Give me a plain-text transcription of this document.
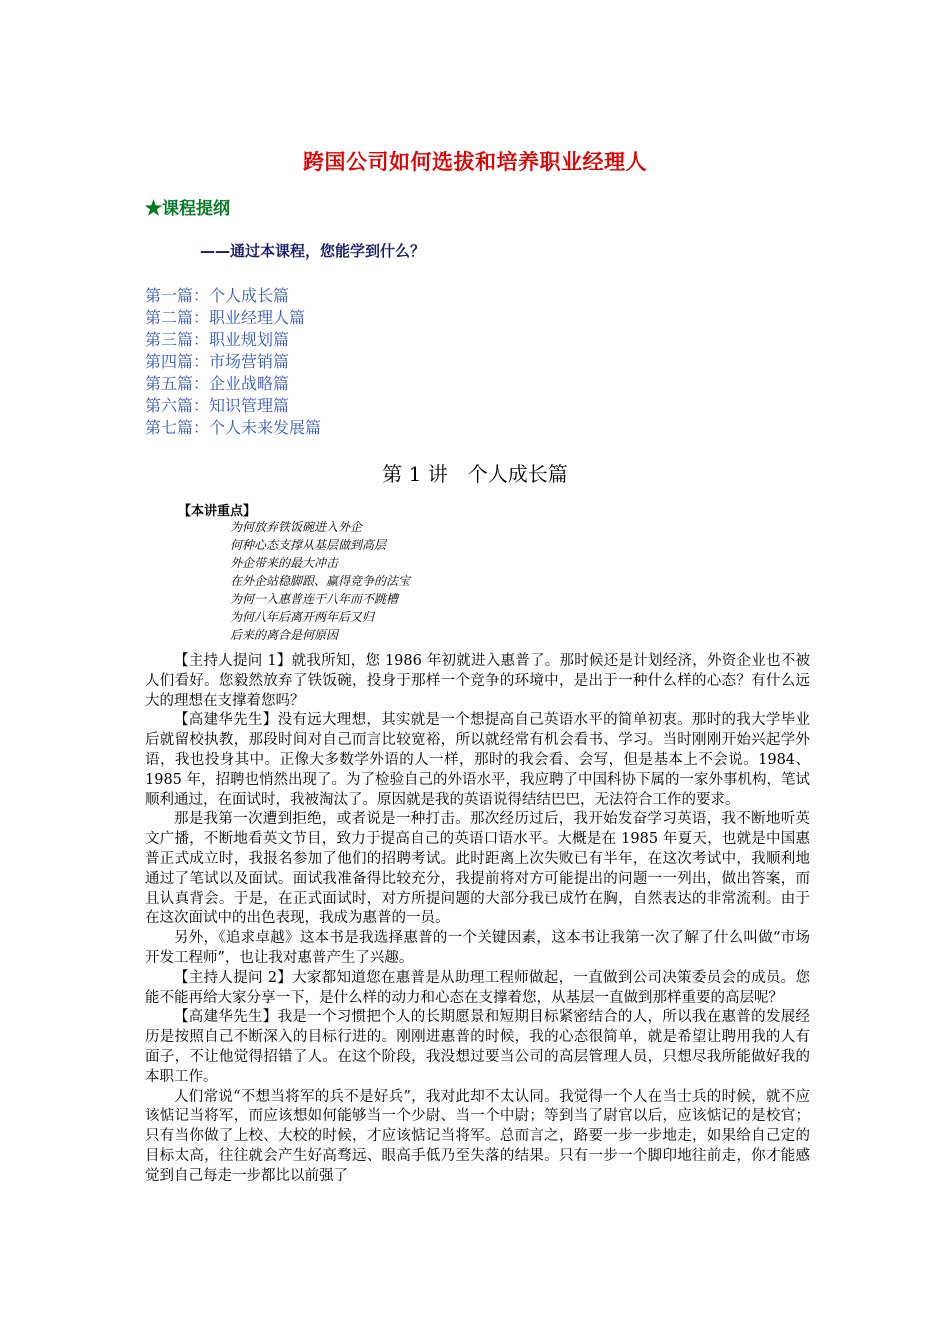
跨国公司如何选拔和培养职业经理人
★课程提纲
——通过本课程，您能学到什么？
第一篇：个人成长篇
第二篇：职业经理人篇
第三篇：职业规划篇
第四篇：市场营销篇
第五篇：企业战略篇
第六篇：知识管理篇
第七篇：个人未来发展篇
第 1 讲　个人成长篇
【本讲重点】
为何放弃铁饭碗进入外企
何种心态支撑从基层做到高层
外企带来的最大冲击
在外企站稳脚跟、赢得竞争的法宝
为何一入惠普连干八年而不跳槽
为何八年后离开两年后又归
后来的离合是何原因

【主持人提问 1】就我所知，您 1986 年初就进入惠普了。那时候还是计划经济，外资企业也不被人们看好。您毅然放弃了铁饭碗，投身于那样一个竞争的环境中，是出于一种什么样的心态？有什么远大的理想在支撑着您吗？

【高建华先生】没有远大理想，其实就是一个想提高自己英语水平的简单初衷。那时的我大学毕业后就留校执教，那段时间对自己而言比较宽裕，所以就经常有机会看书、学习。当时刚刚开始兴起学外语，我也投身其中。正像大多数学外语的人一样，那时的我会看、会写，但是基本上不会说。1984、1985 年，招聘也悄然出现了。为了检验自己的外语水平，我应聘了中国科协下属的一家外事机构，笔试顺利通过，在面试时，我被淘汰了。原因就是我的英语说得结结巴巴，无法符合工作的要求。

那是我第一次遭到拒绝，或者说是一种打击。那次经历过后，我开始发奋学习英语，我不断地听英文广播，不断地看英文节目，致力于提高自己的英语口语水平。大概是在 1985 年夏天，也就是中国惠普正式成立时，我报名参加了他们的招聘考试。此时距离上次失败已有半年，在这次考试中，我顺利地通过了笔试以及面试。面试我准备得比较充分，我提前将对方可能提出的问题一一列出，做出答案，而且认真背会。于是，在正式面试时，对方所提问题的大部分我已成竹在胸，自然表达的非常流利。由于在这次面试中的出色表现，我成为惠普的一员。

另外，《追求卓越》这本书是我选择惠普的一个关键因素，这本书让我第一次了解了什么叫做“市场开发工程师”，也让我对惠普产生了兴趣。

【主持人提问 2】大家都知道您在惠普是从助理工程师做起，一直做到公司决策委员会的成员。您能不能再给大家分享一下，是什么样的动力和心态在支撑着您，从基层一直做到那样重要的高层呢？

【高建华先生】我是一个习惯把个人的长期愿景和短期目标紧密结合的人，所以我在惠普的发展经历是按照自己不断深入的目标行进的。刚刚进惠普的时候，我的心态很简单，就是希望让聘用我的人有面子，不让他觉得招错了人。在这个阶段，我没想过要当公司的高层管理人员，只想尽我所能做好我的本职工作。

人们常说“不想当将军的兵不是好兵”，我对此却不太认同。我觉得一个人在当士兵的时候，就不应该惦记当将军，而应该想如何能够当一个少尉、当一个中尉；等到当了尉官以后，应该惦记的是校官；只有当你做了上校、大校的时候，才应该惦记当将军。总而言之，路要一步一步地走，如果给自己定的目标太高，往往就会产生好高骛远、眼高手低乃至失落的结果。只有一步一个脚印地往前走，你才能感觉到自己每走一步都比以前强了
